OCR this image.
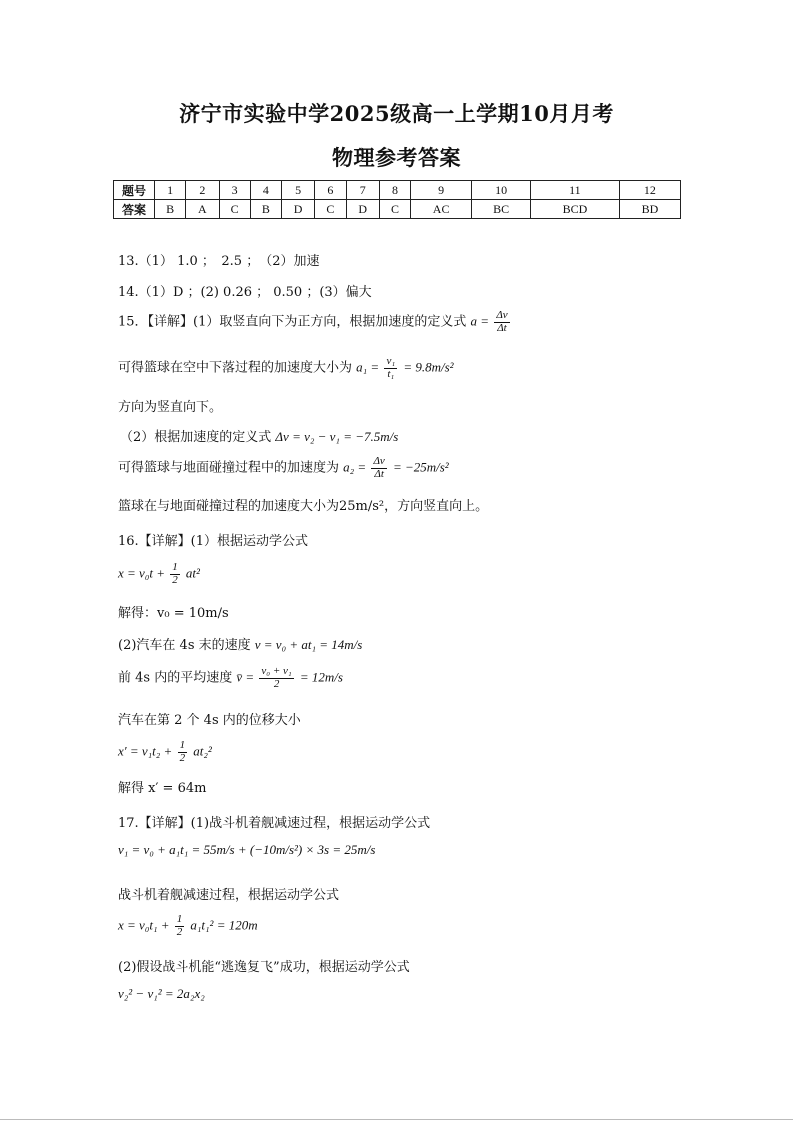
济宁市实验中学2025级高一上学期10月月考
物理参考答案
题号	1	2	3	4	5	6	7	8	9	10	11	12
答案	B	A	C	B	D	C	D	C	AC	BC	BCD	BD
13.（1） 1.0 ；　2.5 ；　（2）加速
14.（1）D ；(2) 0.26 ； 0.50 ；(3）偏大
15．【详解】(1）取竖直向下为正方向，根据加速度的定义式 $a = \frac{\Delta v}{\Delta t}$
可得篮球在空中下落过程的加速度大小为 $a_1 = \frac{\text{v₁}}{\text{t₁}} = 9.8m/s^2$
方向为竖直向下。
（2）根据加速度的定义式 Δv = v₂ − v₁ = −7.5m/s
可得篮球与地面碰撞过程中的加速度为 $a_2 = \frac{\Delta v}{\Delta t} = -25m/s^2$
篮球在与地面碰撞过程的加速度大小为25m/s²，方向竖直向上。
16.【详解】(1）根据运动学公式
$x = v_0t + \frac{1}{2} at^2$
解得：v₀ = 10m/s
(2)汽车在 4s 末的速度 v = v₀ + at₁ = 14m/s
前 4s 内的平均速度 v̄ = $\frac{\text{v₀ + v₁}}{2} = 12m/s$
汽车在第 2 个 4s 内的位移大小
$x' = v_1t_2 + \frac{1}{2} at_2^2$
解得 x′ = 64m
17.【详解】(1)战斗机着舰减速过程，根据运动学公式
v₁ = v₀ + a₁t₁ = 55m/s + (−10m/s²) × 3s = 25m/s
战斗机着舰减速过程，根据运动学公式
$x = v_0t_1 + \frac{1}{2} a_1t_1^2 = 120m$
(2)假设战斗机能“逃逸复飞”成功，根据运动学公式
v₂² − v₁² = 2a₂x₂
